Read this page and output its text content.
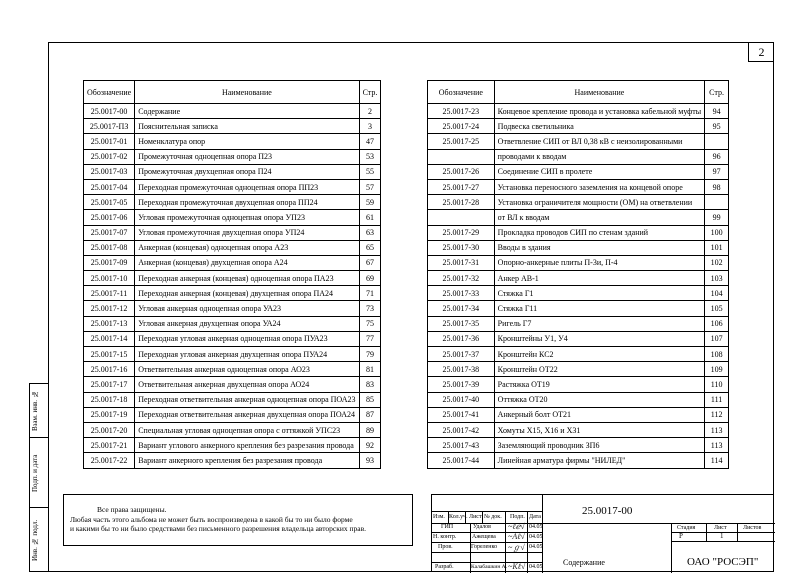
2
Взам. инв. №
Подп. и дата
Инв. № подл.
Обозначение	Наименование	Стр.
25.0017-00	Содержание	2
25.0017-ПЗ	Пояснительная записка	3
25.0017-01	Номенклатура опор	47
25.0017-02	Промежуточная одноцепная опора П23	53
25.0017-03	Промежуточная двухцепная опора П24	55
25.0017-04	Переходная промежуточная одноцепная опора ПП23	57
25.0017-05	Переходная промежуточная двухцепная опора ПП24	59
25.0017-06	Угловая промежуточная одноцепная опора УП23	61
25.0017-07	Угловая промежуточная двухцепная опора УП24	63
25.0017-08	Анкерная (концевая) одноцепная опора А23	65
25.0017-09	Анкерная (концевая) двухцепная опора А24	67
25.0017-10	Переходная анкерная (концевая) одноцепная опора ПА23	69
25.0017-11	Переходная анкерная (концевая) двухцепная опора ПА24	71
25.0017-12	Угловая анкерная одноцепная опора УА23	73
25.0017-13	Угловая анкерная двухцепная опора УА24	75
25.0017-14	Переходная угловая анкерная одноцепная опора ПУА23	77
25.0017-15	Переходная угловая анкерная двухцепная опора ПУА24	79
25.0017-16	Ответвительная анкерная одноцепная опора АО23	81
25.0017-17	Ответвительная анкерная двухцепная опора АО24	83
25.0017-18	Переходная ответвительная анкерная одноцепная опора ПОА23	85
25.0017-19	Переходная ответвительная анкерная двухцепная опора ПОА24	87
25.0017-20	Специальная угловая одноцепная опора с оттяжкой УПС23	89
25.0017-21	Вариант углового анкерного крепления без разрезания провода	92
25.0017-22	Вариант анкерного крепления без разрезания провода	93
Обозначение	Наименование	Стр.
25.0017-23	Концевое крепление провода и установка кабельной муфты	94
25.0017-24	Подвеска светильника	95
25.0017-25	Ответвление СИП от ВЛ 0,38 кВ с неизолированными	
	проводами к вводам	96
25.0017-26	Соединение СИП в пролете	97
25.0017-27	Установка переносного заземления на концевой опоре	98
25.0017-28	Установка ограничителя мощности (ОМ) на ответвлении	
	от ВЛ к вводам	99
25.0017-29	Прокладка проводов СИП по стенам зданий	100
25.0017-30	Вводы в здания	101
25.0017-31	Опорно-анкерные плиты П-3и, П-4	102
25.0017-32	Анкер АВ-1	103
25.0017-33	Стяжка Г1	104
25.0017-34	Стяжка Г11	105
25.0017-35	Ригель Г7	106
25.0017-36	Кронштейны У1, У4	107
25.0017-37	Кронштейн КС2	108
25.0017-38	Кронштейн ОТ22	109
25.0017-39	Растяжка ОТ19	110
25.0017-40	Оттяжка ОТ20	111
25.0017-41	Анкерный болт ОТ21	112
25.0017-42	Хомуты Х15, Х16 и Х31	113
25.0017-43	Заземляющий проводник ЗП6	113
25.0017-44	Линейная арматура фирмы "НИЛЕД"	114
Все права защищены.
Любая часть этого альбома не может быть воспроизведена в какой бы то ни было форме
и какими бы то ни было средствами без письменного разрешения владельца авторских прав.
Изм. Кол.уч. Лист № док. Подп. Дата
ГИП	Удалов ~ℓℯ√ 04.05
Н. контр.	Ажещева ~Аℓ√ 04.05
Пров.	Гореленко ~ℊ√ 04.05
Разраб.	Калабашкин А. ~Kℓ√ 04.05
25.0017-00
Содержание
Стадия	Лист	Листов
Р	1
ОАО "РОСЭП"
